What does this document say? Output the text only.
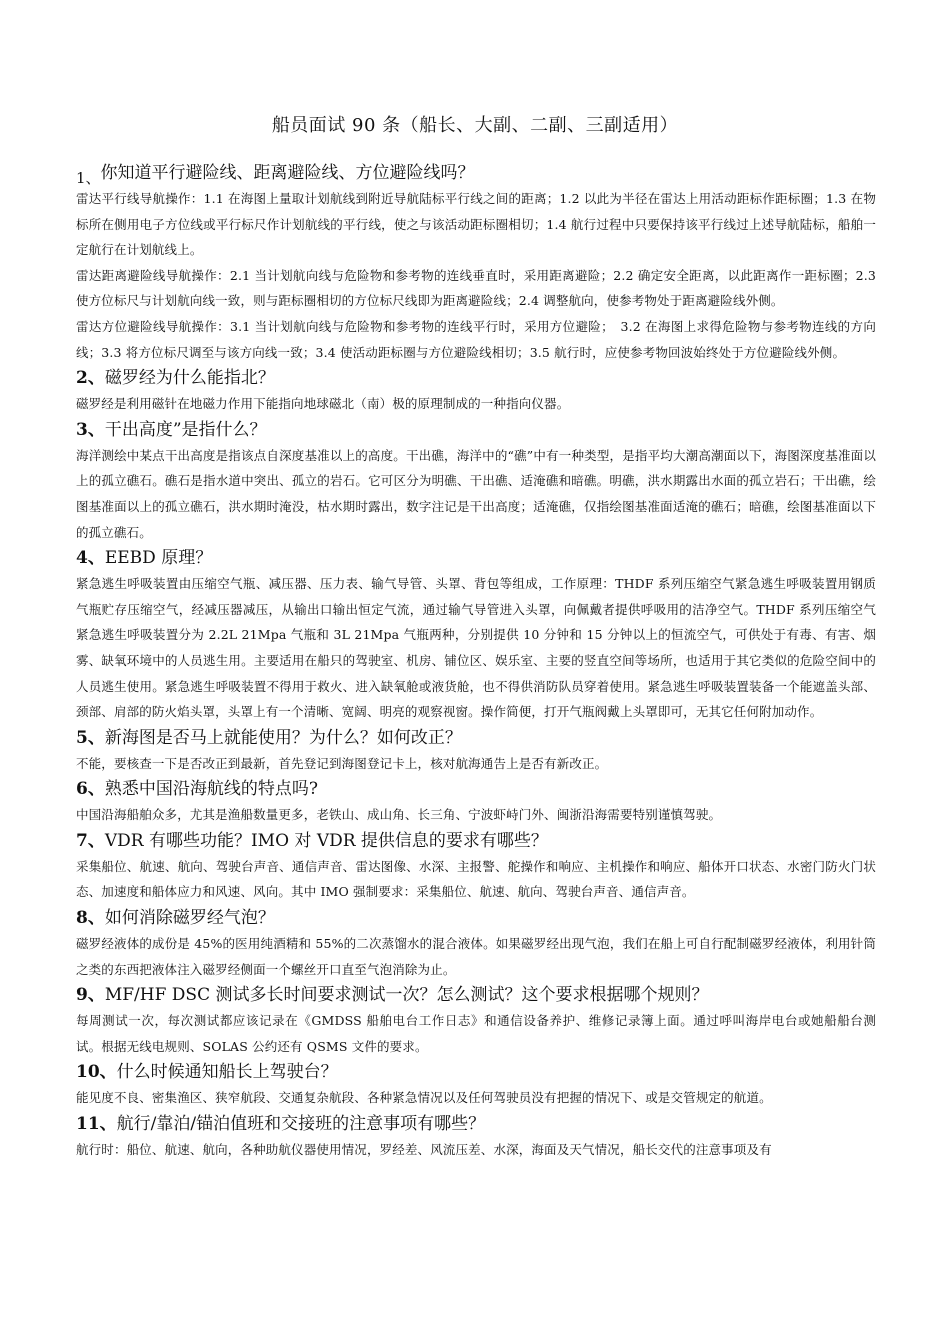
船员面试 90 条（船长、大副、二副、三副适用）
1、你知道平行避险线、距离避险线、方位避险线吗？

雷达平行线导航操作：1.1 在海图上量取计划航线到附近导航陆标平行线之间的距离；1.2 以此为半径在雷达上用活动距标作距标圈；1.3 在物标所在侧用电子方位线或平行标尺作计划航线的平行线，使之与该活动距标圈相切；1.4 航行过程中只要保持该平行线过上述导航陆标，船舶一定航行在计划航线上。

雷达距离避险线导航操作：2.1 当计划航向线与危险物和参考物的连线垂直时，采用距离避险；2.2 确定安全距离，以此距离作一距标圈；2.3 使方位标尺与计划航向线一致，则与距标圈相切的方位标尺线即为距离避险线；2.4 调整航向，使参考物处于距离避险线外侧。

雷达方位避险线导航操作：3.1 当计划航向线与危险物和参考物的连线平行时，采用方位避险；　3.2 在海图上求得危险物与参考物连线的方向线；3.3 将方位标尺调至与该方向线一致；3.4 使活动距标圈与方位避险线相切；3.5 航行时，应使参考物回波始终处于方位避险线外侧。

2、磁罗经为什么能指北？

磁罗经是利用磁针在地磁力作用下能指向地球磁北（南）极的原理制成的一种指向仪器。

3、干出高度”是指什么？

海洋测绘中某点干出高度是指该点自深度基准以上的高度。干出礁，海洋中的“礁”中有一种类型，是指平均大潮高潮面以下，海图深度基准面以上的孤立礁石。礁石是指水道中突出、孤立的岩石。它可区分为明礁、干出礁、适淹礁和暗礁。明礁，洪水期露出水面的孤立岩石；干出礁，绘图基准面以上的孤立礁石，洪水期时淹没，枯水期时露出，数字注记是干出高度；适淹礁，仅指绘图基准面适淹的礁石；暗礁，绘图基准面以下的孤立礁石。

4、EEBD 原理？

紧急逃生呼吸装置由压缩空气瓶、减压器、压力表、输气导管、头罩、背包等组成，工作原理：THDF 系列压缩空气紧急逃生呼吸装置用钢质气瓶贮存压缩空气，经减压器减压，从输出口输出恒定气流，通过输气导管进入头罩，向佩戴者提供呼吸用的洁净空气。THDF 系列压缩空气紧急逃生呼吸装置分为 2.2L 21Mpa 气瓶和 3L 21Mpa 气瓶两种，分别提供 10 分钟和 15 分钟以上的恒流空气，可供处于有毒、有害、烟雾、缺氧环境中的人员逃生用。主要适用在船只的驾驶室、机房、铺位区、娱乐室、主要的竖直空间等场所，也适用于其它类似的危险空间中的人员逃生使用。紧急逃生呼吸装置不得用于救火、进入缺氧舱或液货舱，也不得供消防队员穿着使用。紧急逃生呼吸装置装备一个能遮盖头部、颈部、肩部的防火焰头罩，头罩上有一个清晰、宽阔、明亮的观察视窗。操作简便，打开气瓶阀戴上头罩即可，无其它任何附加动作。

5、新海图是否马上就能使用？为什么？如何改正？

不能，要核查一下是否改正到最新，首先登记到海图登记卡上，核对航海通告上是否有新改正。

6、熟悉中国沿海航线的特点吗?

中国沿海船舶众多，尤其是渔船数量更多，老铁山、成山角、长三角、宁波虾峙门外、闽浙沿海需要特别谨慎驾驶。

7、VDR 有哪些功能？IMO 对 VDR 提供信息的要求有哪些？

采集船位、航速、航向、驾驶台声音、通信声音、雷达图像、水深、主报警、舵操作和响应、主机操作和响应、船体开口状态、水密门防火门状态、加速度和船体应力和风速、风向。其中 IMO 强制要求：采集船位、航速、航向、驾驶台声音、通信声音。

8、如何消除磁罗经气泡？

磁罗经液体的成份是 45%的医用纯酒精和 55%的二次蒸馏水的混合液体。如果磁罗经出现气泡，我们在船上可自行配制磁罗经液体，利用针筒之类的东西把液体注入磁罗经侧面一个螺丝开口直至气泡消除为止。

9、MF/HF DSC 测试多长时间要求测试一次？怎么测试？这个要求根据哪个规则？

每周测试一次，每次测试都应该记录在《GMDSS 船舶电台工作日志》和通信设备养护、维修记录簿上面。通过呼叫海岸电台或她船船台测试。根据无线电规则、SOLAS 公约还有 QSMS 文件的要求。

10、什么时候通知船长上驾驶台？

能见度不良、密集渔区、狭窄航段、交通复杂航段、各种紧急情况以及任何驾驶员没有把握的情况下、或是交管规定的航道。

11、航行/靠泊/锚泊值班和交接班的注意事项有哪些？

航行时：船位、航速、航向，各种助航仪器使用情况，罗经差、风流压差、水深，海面及天气情况，船长交代的注意事项及有
